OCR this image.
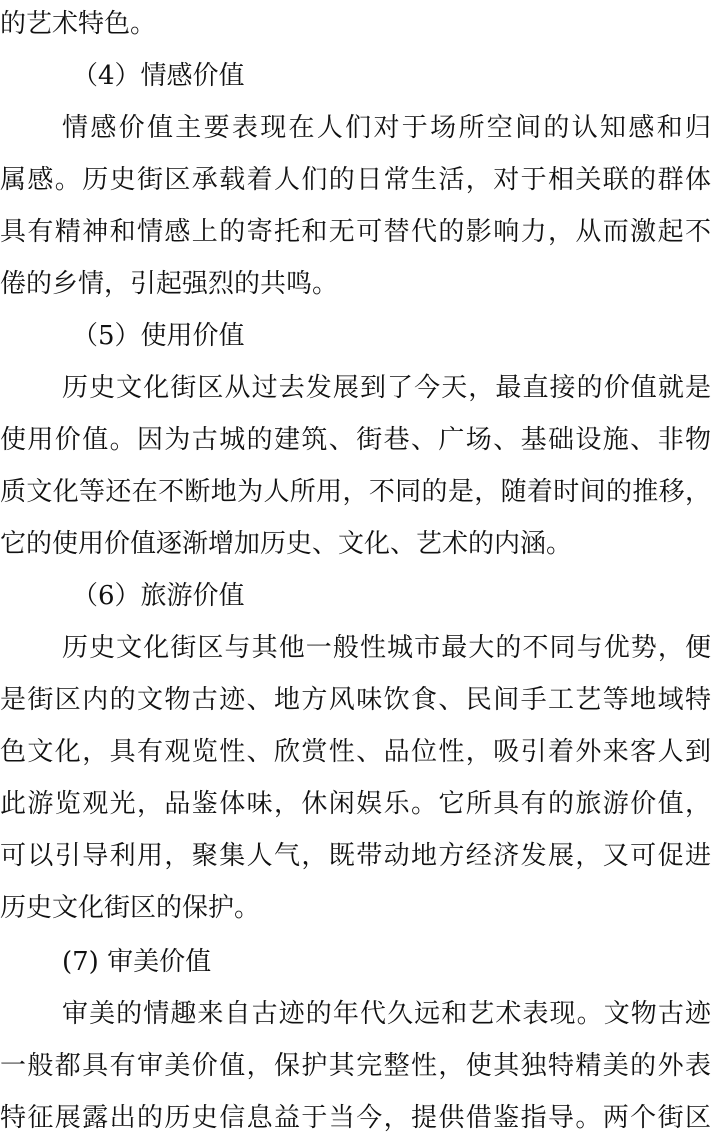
的艺术特色。
（4）情感价值
情感价值主要表现在人们对于场所空间的认知感和归
属感。历史街区承载着人们的日常生活，对于相关联的群体
具有精神和情感上的寄托和无可替代的影响力，从而激起不
倦的乡情，引起强烈的共鸣。
（5）使用价值
历史文化街区从过去发展到了今天，最直接的价值就是
使用价值。因为古城的建筑、街巷、广场、基础设施、非物
质文化等还在不断地为人所用，不同的是，随着时间的推移，
它的使用价值逐渐增加历史、文化、艺术的内涵。
（6）旅游价值
历史文化街区与其他一般性城市最大的不同与优势，便
是街区内的文物古迹、地方风味饮食、民间手工艺等地域特
色文化，具有观览性、欣赏性、品位性，吸引着外来客人到
此游览观光，品鉴体味，休闲娱乐。它所具有的旅游价值，
可以引导利用，聚集人气，既带动地方经济发展，又可促进
历史文化街区的保护。
(7) 审美价值
审美的情趣来自古迹的年代久远和艺术表现。文物古迹
一般都具有审美价值，保护其完整性，使其独特精美的外表
特征展露出的历史信息益于当今，提供借鉴指导。两个街区
